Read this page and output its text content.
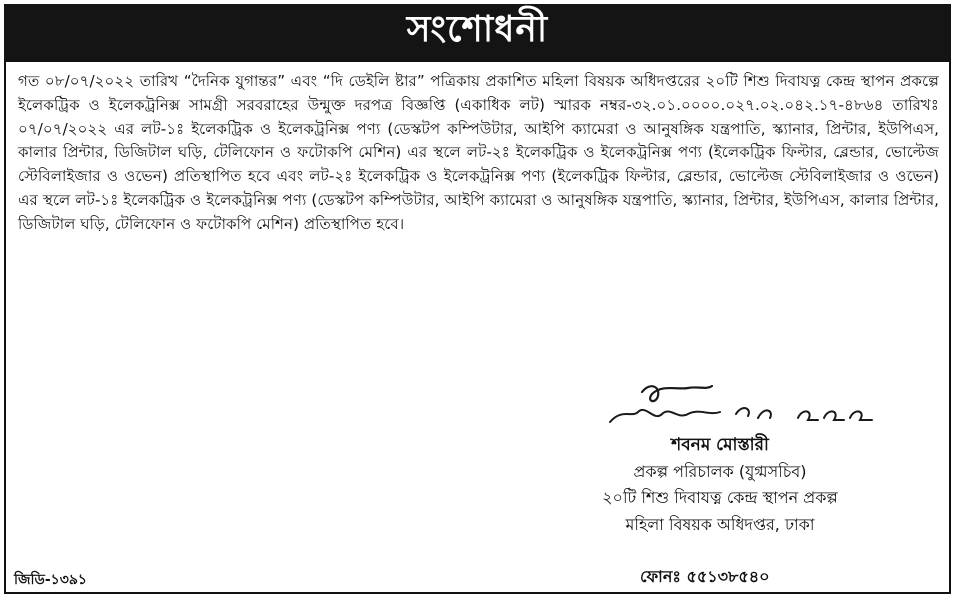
সংশোধনী

গত ০৮/০৭/২০২২ তারিখ “দৈনিক যুগান্তর” এবং “দি ডেইলি ষ্টার” পত্রিকায় প্রকাশিত মহিলা বিষয়ক অধিদপ্তরের ২০টি শিশু দিবাযত্ন কেন্দ্র স্থাপন প্রকল্পে ইলেকট্রিক ও ইলেকট্রনিক্স সামগ্রী সরবরাহের উন্মুক্ত দরপত্র বিজ্ঞপ্তি (একাধিক লট) স্মারক নম্বর-৩২.০১.০০০০.০২৭.০২.০৪২.১৭-৪৮৬৪ তারিখঃ ০৭/০৭/২০২২ এর লট-১ঃ ইলেকট্রিক ও ইলেকট্রনিক্স পণ্য (ডেস্কটপ কম্পিউটার, আইপি ক্যামেরা ও আনুষঙ্গিক যন্ত্রপাতি, স্ক্যানার, প্রিন্টার, ইউপিএস, কালার প্রিন্টার, ডিজিটাল ঘড়ি, টেলিফোন ও ফটোকপি মেশিন) এর স্থলে লট-২ঃ ইলেকট্রিক ও ইলেকট্রনিক্স পণ্য (ইলেকট্রিক ফিল্টার, ব্লেন্ডার, ভোল্টেজ স্টেবিলাইজার ও ওভেন) প্রতিস্থাপিত হবে এবং লট-২ঃ ইলেকট্রিক ও ইলেকট্রনিক্স পণ্য (ইলেকট্রিক ফিল্টার, ব্লেন্ডার, ভোল্টেজ স্টেবিলাইজার ও ওভেন) এর স্থলে লট-১ঃ ইলেকট্রিক ও ইলেকট্রনিক্স পণ্য (ডেস্কটপ কম্পিউটার, আইপি ক্যামেরা ও আনুষঙ্গিক যন্ত্রপাতি, স্ক্যানার, প্রিন্টার, ইউপিএস, কালার প্রিন্টার, ডিজিটাল ঘড়ি, টেলিফোন ও ফটোকপি মেশিন) প্রতিস্থাপিত হবে।

শবনম মোস্তারী
প্রকল্প পরিচালক (যুগ্মসচিব)
২০টি শিশু দিবাযত্ন কেন্দ্র স্থাপন প্রকল্প
মহিলা বিষয়ক অধিদপ্তর, ঢাকা
জিডি-১৩৯১	ফোনঃ ৫৫১৩৮৫৪০
